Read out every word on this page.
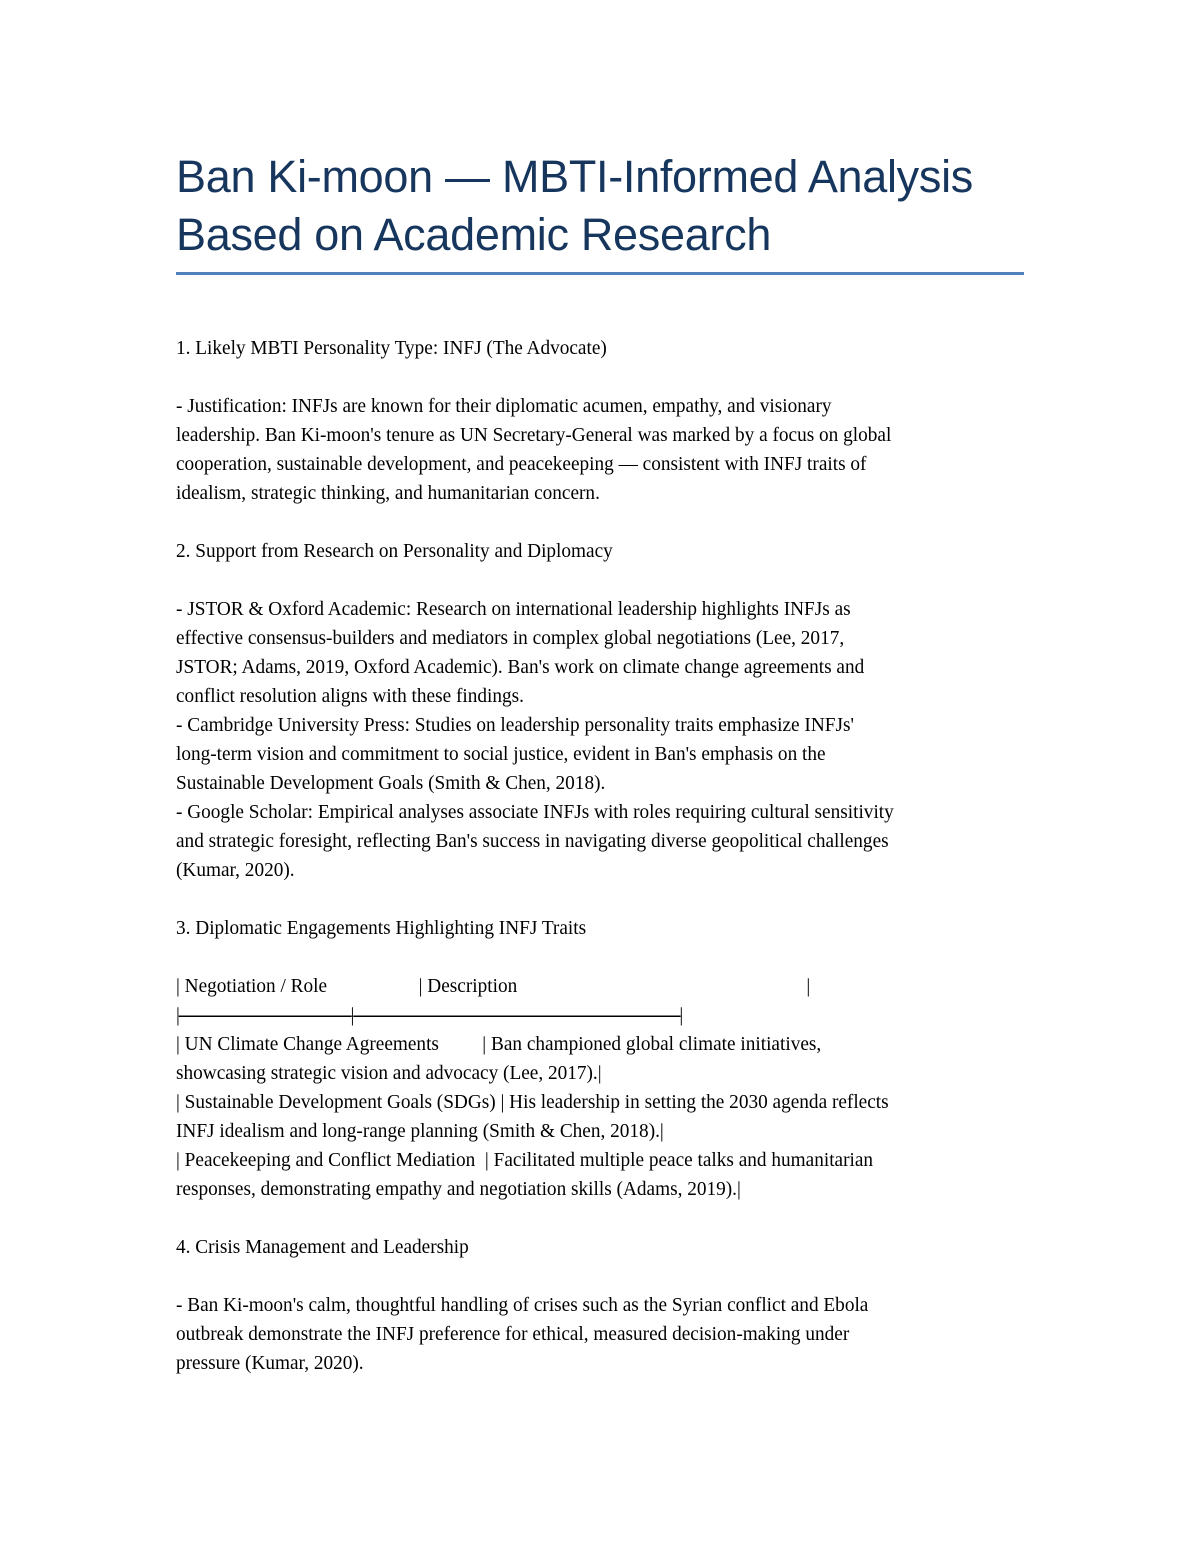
Ban Ki-moon — MBTI-Informed Analysis
Based on Academic Research

1. Likely MBTI Personality Type: INFJ (The Advocate)

- Justification: INFJs are known for their diplomatic acumen, empathy, and visionary

leadership. Ban Ki-moon's tenure as UN Secretary-General was marked by a focus on global

cooperation, sustainable development, and peacekeeping — consistent with INFJ traits of

idealism, strategic thinking, and humanitarian concern.

2. Support from Research on Personality and Diplomacy

- JSTOR & Oxford Academic: Research on international leadership highlights INFJs as

effective consensus-builders and mediators in complex global negotiations (Lee, 2017,

JSTOR; Adams, 2019, Oxford Academic). Ban's work on climate change agreements and

conflict resolution aligns with these findings.

- Cambridge University Press: Studies on leadership personality traits emphasize INFJs'

long-term vision and commitment to social justice, evident in Ban's emphasis on the

Sustainable Development Goals (Smith & Chen, 2018).

- Google Scholar: Empirical analyses associate INFJs with roles requiring cultural sensitivity

and strategic foresight, reflecting Ban's success in navigating diverse geopolitical challenges

(Kumar, 2020).

3. Diplomatic Engagements Highlighting INFJ Traits

| Negotiation / Role                   | Description                                                            |

|--------------------------------------|------------------------------------------------------------------------|

| UN Climate Change Agreements         | Ban championed global climate initiatives,

showcasing strategic vision and advocacy (Lee, 2017).|

| Sustainable Development Goals (SDGs) | His leadership in setting the 2030 agenda reflects

INFJ idealism and long-range planning (Smith & Chen, 2018).|

| Peacekeeping and Conflict Mediation  | Facilitated multiple peace talks and humanitarian

responses, demonstrating empathy and negotiation skills (Adams, 2019).|

4. Crisis Management and Leadership

- Ban Ki-moon's calm, thoughtful handling of crises such as the Syrian conflict and Ebola

outbreak demonstrate the INFJ preference for ethical, measured decision-making under

pressure (Kumar, 2020).
